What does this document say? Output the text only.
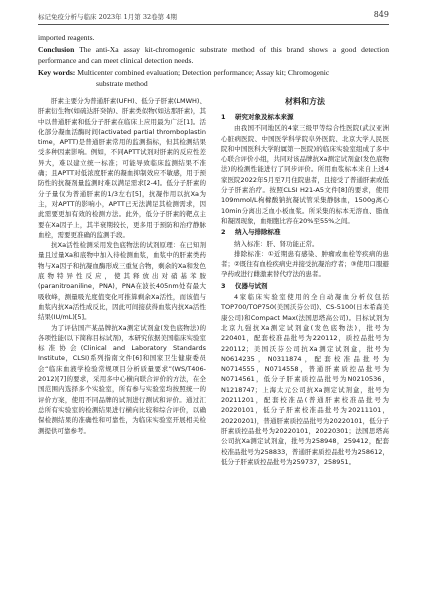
标记免疫分析与临床 2023年 1月第 32卷第 4期	849
imported reagents.
Conclusion The anti-Xa assay kit-chromogenic substrate method of this brand shows a good detection performance and can meet clinical detection needs.
Key words: Multicenter combined evaluation; Detection performance; Assay kit; Chromogenic
substrate method

肝素主要分为普通肝素(UFH)、低分子肝素(LMWH)、肝素衍生物(如硫达肝癸钠)、肝素类似物(如达那肝素)，其中以普通肝素和低分子肝素在临床上应用最为广泛[1]。活化部分凝血活酶时间(activated partial thromboplastin time，APTT)是普通肝素常用的监测指标，但其检测结果受多种因素影响。例如，不同APTT试剂对肝素的反应性差异大，难以建立统一标准；可能导致临床监测结果不准确；且APTT对低浓度肝素的凝血抑制效应不敏感，用于预防性的抗凝剂量监测时难以满足需求[2-4]。低分子肝素的分子量仅为普通肝素的1/3左右[5]，抗凝作用以抗Xa为主，对APTT的影响小，APTT已无法满足其检测需求，因此需要更加有效的检测方法。此外，低分子肝素的靶点主要在Xa因子上，其半衰期较长，更多用于预防和治疗静脉血栓，需要更准确的监测手段。

抗Xa活性检测采用发色底物法的试剂原理：在已知剂量且过量Xa和底物中加入待检测血浆，血浆中的肝素类药物与Xa因子和抗凝血酶形成三重复合物，剩余的Xa和发色底物特异性反应，使其释放出对硝基苯胺(paranitroaniline，PNA)，PNA在波长405nm处有最大吸收峰，测量吸光度值变化可推算剩余Xa活性，而该值与血浆内抗Xa活性成反比，因此可间接获得血浆内抗Xa活性结果(IU/mL)[5]。

为了评估国产某品牌抗Xa测定试剂盒(发色底物法)的各项性能(以下简称目标试剂)，本研究依据美国临床实验室标准协会(Clinical and Laboratory Standards Institute，CLSI)系列指南文件[6]和国家卫生健康委员会“临床血液学检验常规项目分析质量要求”(WS/T406-2012)[7]的要求，采用多中心横向联合评价的方法，在全国范围内选择多个实验室，所有参与实验室均按照统一的评价方案，使用不同品牌的试剂进行测试和评价。通过汇总所有实验室的检测结果进行横向比较和综合评价，以确保检测结果的准确性和可靠性，为临床实验室开展相关检测提供可靠参考。

材料和方法
1 研究对象及标本来源

由我国不同地区的4家三级甲等综合性医院(武汉亚洲心脏病医院、中国医学科学院阜外医院、北京大学人民医院和中国医科大学附属第一医院)的临床实验室组成了多中心联合评价小组，共同对该品牌抗Xa测定试剂盒(发色底物法)的检测性能进行了同步评价。所用血浆标本来自上述4家医院2022年5月至7月住院患者，且接受了普通肝素或低分子肝素治疗。按照CLSI H21-A5文件[8]的要求，使用109mmol/L枸橼酸钠抗凝试管采集静脉血，1500g离心10min分离出乏血小板血浆。所采集的标本无溶血、脂血和凝固现象，血细胞比容在20%至55%之间。

2 纳入与排除标准

纳入标准：肝、肾功能正常。

排除标准：①近期患有感染、肿瘤或血栓等疾病的患者；②既往有血栓疾病史并接受抗凝治疗者；③使用口服避孕药或进行雌激素替代疗法的患者。

3 仪器与试剂

4家临床实验室使用的全自动凝血分析仪包括TOP700/TOP750(美国沃芬公司)、CS-5100(日本希森美康公司)和Compact Max(法国思塔高公司)。目标试剂为北京九强抗Xa测定试剂盒(发色底物法)，批号为220401，配套校准品批号为220112，质控品批号为220112；美国沃芬公司抗Xa测定试剂盒，批号为N0614235，N0311874，配套校准品批号为N0714555，N0714558，普通肝素质控品批号为N0714561，低分子肝素质控品批号为N0210536，N1218747；上海太元公司抗Xa测定试剂盒，批号为20211201，配套校准品(普通肝素校准品批号为20220101，低分子肝素校准品批号为20211101，20220201)，普通肝素质控品批号为20220101，低分子肝素质控品批号为20220101，20220301；法国思塔高公司抗Xa测定试剂盒，批号为258948，259412，配套校准品批号为258833，普通肝素质控品批号为258612，低分子肝素质控品批号为259737，258951。
